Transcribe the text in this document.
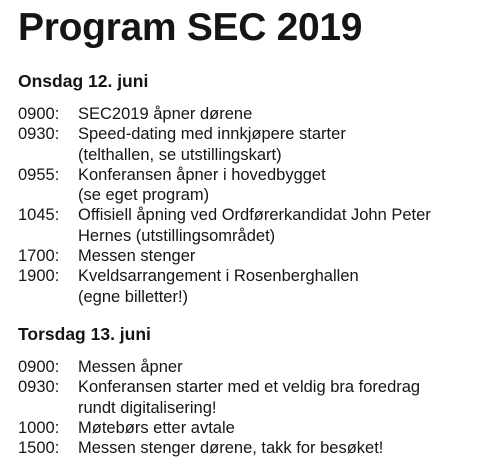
Program SEC 2019
Onsdag 12. juni
0900:	SEC2019 åpner dørene
0930:	Speed-dating med innkjøpere starter
(telthallen, se utstillingskart)
0955:	Konferansen åpner i hovedbygget
(se eget program)
1045:	Offisiell åpning ved Ordførerkandidat John Peter
Hernes (utstillingsområdet)
1700:	Messen stenger
1900:	Kveldsarrangement i Rosenberghallen
(egne billetter!)
Torsdag 13. juni
0900:	Messen åpner
0930:	Konferansen starter med et veldig bra foredrag
rundt digitalisering!
1000:	Møtebørs etter avtale
1500:	Messen stenger dørene, takk for besøket!
